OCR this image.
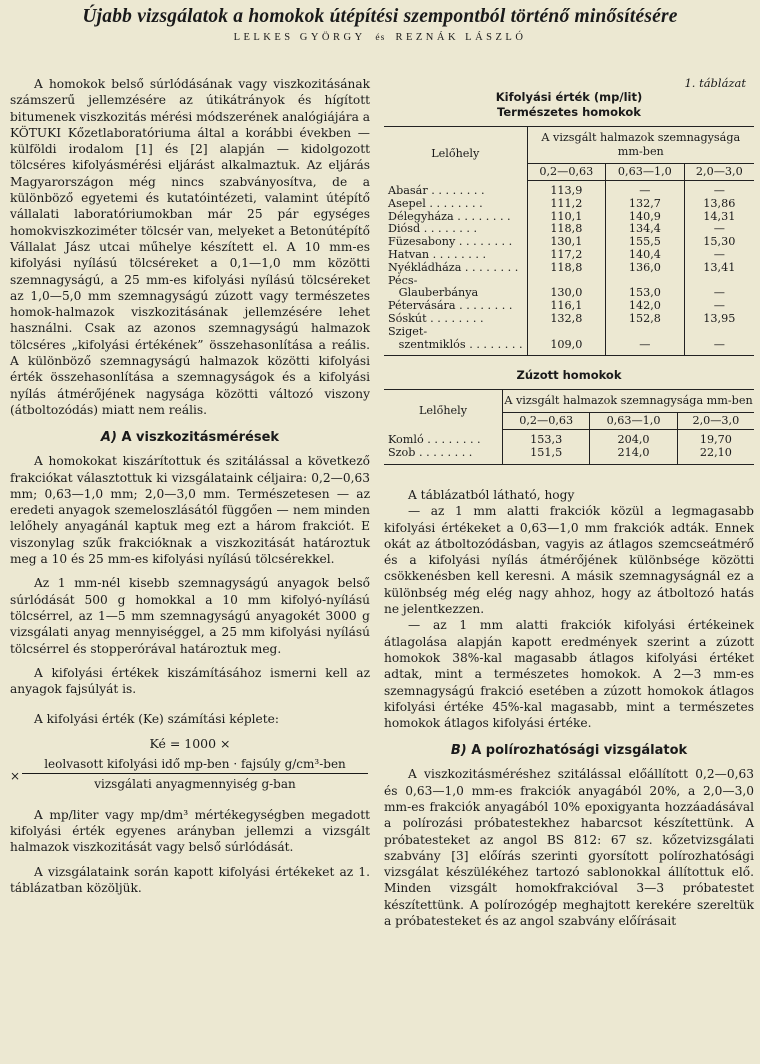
Újabb vizsgálatok a homokok útépítési szempontból történő minősítésére
LELKES GYÖRGY és REZNÁK LÁSZLÓ

A homokok belső súrlódásának vagy viszkozitásának számszerű jellemzésére az útikátrányok és hígított bitumenek viszkozitás mérési módszerének analógiájára a KÖTUKI Kőzetlaboratóriuma által a korábbi években — külföldi irodalom [1] és [2] alapján — kidolgozott tölcséres kifolyásmérési eljárást alkalmaztuk. Az eljárás Magyarországon még nincs szabványosítva, de a különböző egyetemi és kutatóintézeti, valamint útépítő vállalati laboratóriumokban már 25 pár egységes homokviszkoziméter tölcsér van, melyeket a Betonútépítő Vállalat Jász utcai műhelye készített el. A 10 mm-es kifolyási nyílású tölcséreket a 0,1—1,0 mm közötti szemnagyságú, a 25 mm-es kifolyási nyílású tölcséreket az 1,0—5,0 mm szemnagyságú zúzott vagy természetes homok-halmazok viszkozitásának jellemzésére lehet használni. Csak az azonos szemnagyságú halmazok tölcséres „kifolyási értékének” összehasonlítása a reális. A különböző szemnagyságú halmazok közötti kifolyási érték összehasonlítása a szemnagyságok és a kifolyási nyílás átmérőjének nagysága közötti változó viszony (átboltozódás) miatt nem reális.

A) A viszkozitásmérések

A homokokat kiszárítottuk és szitálással a következő frakciókat választottuk ki vizsgálataink céljaira: 0,2—0,63 mm; 0,63—1,0 mm; 2,0—3,0 mm. Természetesen — az eredeti anyagok szemeloszlásától függően — nem minden lelőhely anyagánál kaptuk meg ezt a három frakciót. E viszonylag szűk frakcióknak a viszkozitását határoztuk meg a 10 és 25 mm-es kifolyási nyílású tölcsérekkel.

Az 1 mm-nél kisebb szemnagyságú anyagok belső súrlódását 500 g homokkal a 10 mm kifolyó-nyílású tölcsérrel, az 1—5 mm szemnagyságú anyagokét 3000 g vizsgálati anyag mennyiséggel, a 25 mm kifolyási nyílású tölcsérrel és stopperórával határoztuk meg.

A kifolyási értékek kiszámításához ismerni kell az anyagok fajsúlyát is.

A kifolyási érték (Ke) számítási képlete:

Ké = 1000 ×
×
leolvasott kifolyási idő mp-ben · fajsúly g/cm³-ben
vizsgálati anyagmennyiség g-ban

A mp/liter vagy mp/dm³ mértékegységben megadott kifolyási érték egyenes arányban jellemzi a vizsgált halmazok viszkozitását vagy belső súrlódását.

A vizsgálataink során kapott kifolyási értékeket az 1. táblázatban közöljük.

1. táblázat
Kifolyási érték (mp/lit)
Természetes homokok
Lelőhely	A vizsgált halmazok szemnagysága mm-ben		
	0,2—0,63	0,63—1,0	2,0—3,0
Abasár . . .	113,9	—	—
Asepel . . .	111,2	132,7	13,86
Délegyháza . . .	110,1	140,9	14,31
Diósd . . .	118,8	134,4	—
Füzesabony . . .	130,1	155,5	15,30
Hatvan . . .	117,2	140,4	—
Nyékládháza . . .	118,8	136,0	13,41
Pécs-			
Glauberbánya	130,0	153,0	—
Pétervására . . .	116,1	142,0	—
Sóskút . . .	132,8	152,8	13,95
Sziget-			
szentmiklós . . .	109,0	—	—
Zúzott homokok
Lelőhely	A vizsgált halmazok szemnagysága mm-ben		
	0,2—0,63	0,63—1,0	2,0—3,0
Komló . . .	153,3	204,0	19,70
Szob . . .	151,5	214,0	22,10

A táblázatból látható, hogy

— az 1 mm alatti frakciók közül a legmagasabb kifolyási értékeket a 0,63—1,0 mm frakciók adták. Ennek okát az átboltozódásban, vagyis az átlagos szemcseátmérő és a kifolyási nyílás átmérőjének különbsége közötti csökkenésben kell keresni. A másik szemnagyságnál ez a különbség még elég nagy ahhoz, hogy az átboltozó hatás ne jelentkezzen.

— az 1 mm alatti frakciók kifolyási értékeinek átlagolása alapján kapott eredmények szerint a zúzott homokok 38%-kal magasabb átlagos kifolyási értéket adtak, mint a természetes homokok. A 2—3 mm-es szemnagyságú frakció esetében a zúzott homokok átlagos kifolyási értéke 45%-kal magasabb, mint a természetes homokok átlagos kifolyási értéke.

B) A polírozhatósági vizsgálatok

A viszkozitásméréshez szitálással előállított 0,2—0,63 és 0,63—1,0 mm-es frakciók anyagából 20%, a 2,0—3,0 mm-es frakciók anyagából 10% epoxigyanta hozzáadásával a polírozási próbatestekhez habarcsot készítettünk. A próbatesteket az angol BS 812: 67 sz. kőzetvizsgálati szabvány [3] előírás szerinti gyorsított polírozhatósági vizsgálat készülékéhez tartozó sablonokkal állítottuk elő. Minden vizsgált homokfrakcióval 3—3 próbatestet készítettünk. A polírozógép meghajtott kerekére szereltük a próbatesteket és az angol szabvány előírásait
